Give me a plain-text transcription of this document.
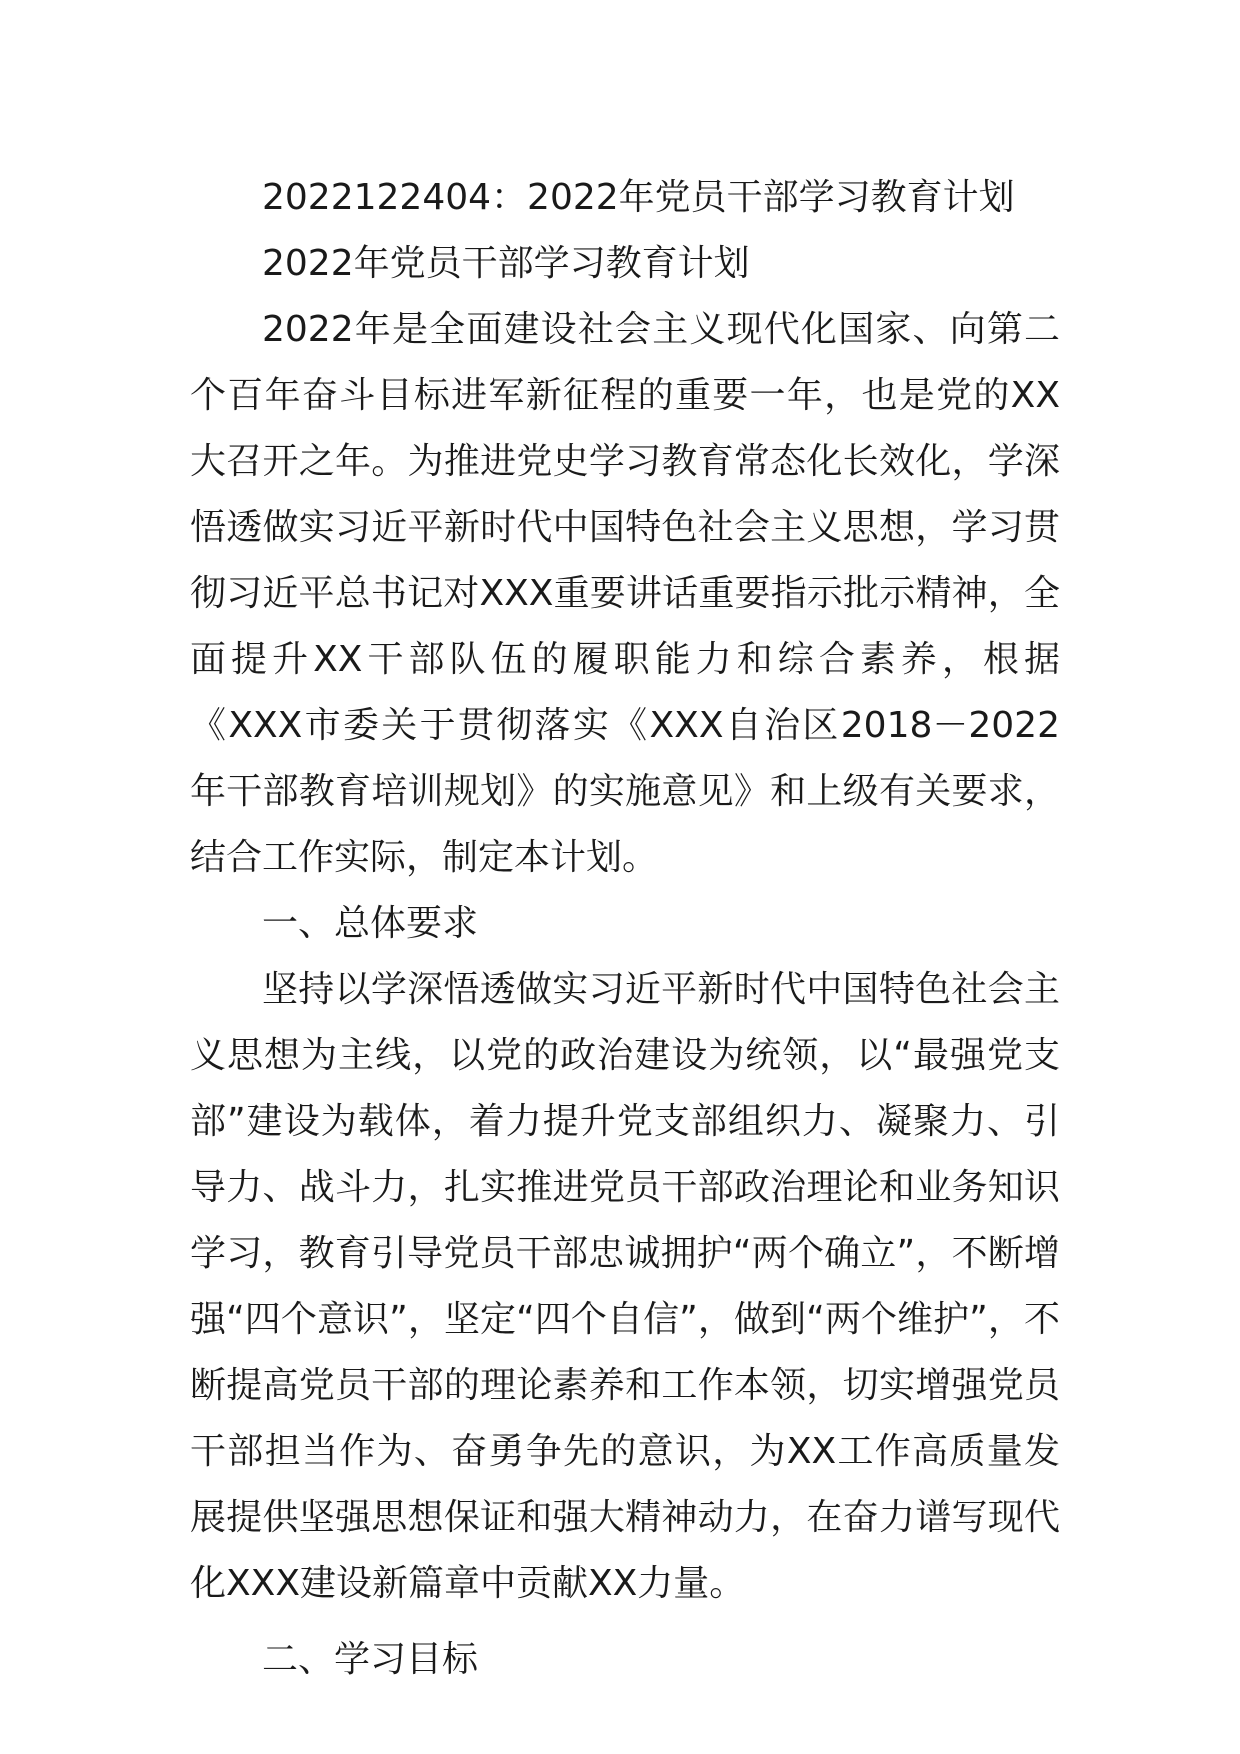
2022122404：2022年党员干部学习教育计划

2022年党员干部学习教育计划

2022年是全面建设社会主义现代化国家、向第二个百年奋斗目标进军新征程的重要一年，也是党的XX大召开之年。为推进党史学习教育常态化长效化，学深悟透做实习近平新时代中国特色社会主义思想，学习贯彻习近平总书记对XXX重要讲话重要指示批示精神，全面提升XX干部队伍的履职能力和综合素养，根据《XXX市委关于贯彻落实《XXX自治区2018－2022年干部教育培训规划》的实施意见》和上级有关要求，结合工作实际，制定本计划。

一、总体要求

坚持以学深悟透做实习近平新时代中国特色社会主义思想为主线，以党的政治建设为统领，以“最强党支部”建设为载体，着力提升党支部组织力、凝聚力、引导力、战斗力，扎实推进党员干部政治理论和业务知识学习，教育引导党员干部忠诚拥护“两个确立”，不断增强“四个意识”，坚定“四个自信”，做到“两个维护”，不断提高党员干部的理论素养和工作本领，切实增强党员干部担当作为、奋勇争先的意识，为XX工作高质量发展提供坚强思想保证和强大精神动力，在奋力谱写现代化XXX建设新篇章中贡献XX力量。

二、学习目标
